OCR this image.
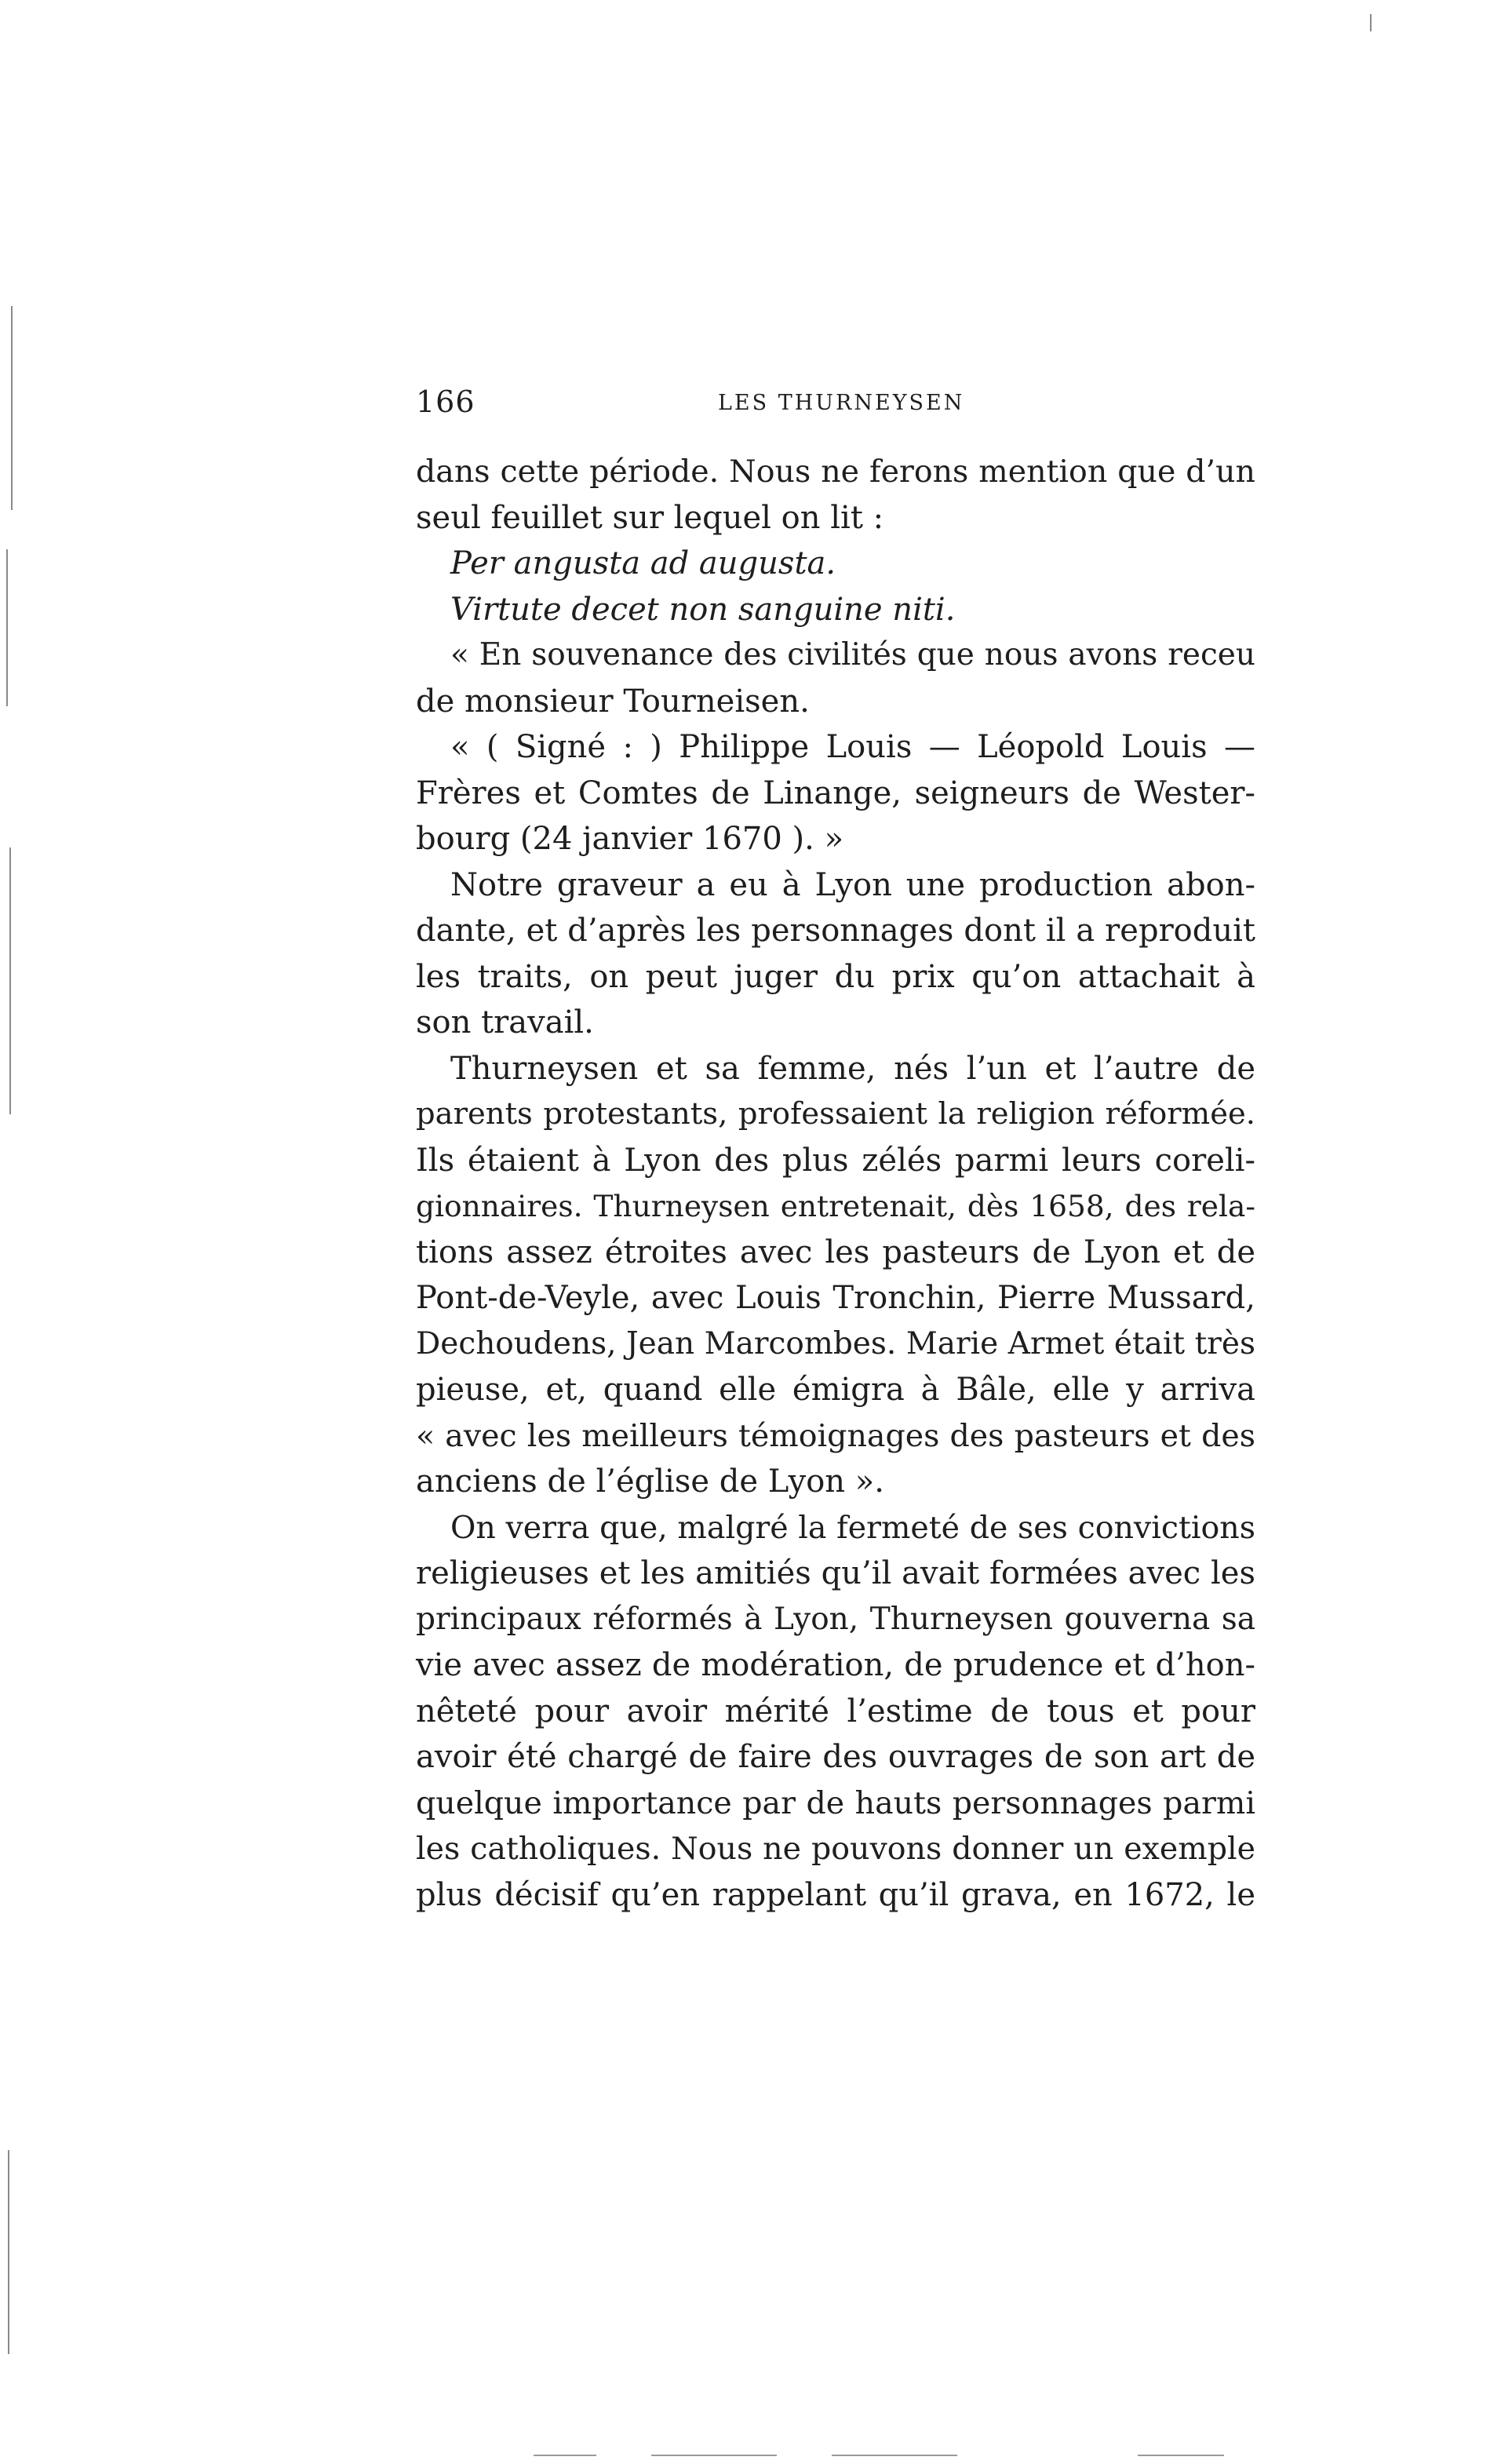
166	LES THURNEYSEN
dans cette période. Nous ne ferons mention que d’un
seul feuillet sur lequel on lit :
Per angusta ad augusta.
Virtute decet non sanguine niti.
« En souvenance des civilités que nous avons receu
de monsieur Tourneisen.
« ( Signé : ) Philippe Louis — Léopold Louis —
Frères et Comtes de Linange, seigneurs de Wester-
bourg (24 janvier 1670 ). »
Notre graveur a eu à Lyon une production abon-
dante, et d’après les personnages dont il a reproduit
les traits, on peut juger du prix qu’on attachait à
son travail.
Thurneysen et sa femme, nés l’un et l’autre de
parents protestants, professaient la religion réformée.
Ils étaient à Lyon des plus zélés parmi leurs coreli-
gionnaires. Thurneysen entretenait, dès 1658, des rela-
tions assez étroites avec les pasteurs de Lyon et de
Pont-de-Veyle, avec Louis Tronchin, Pierre Mussard,
Dechoudens, Jean Marcombes. Marie Armet était très
pieuse, et, quand elle émigra à Bâle, elle y arriva
« avec les meilleurs témoignages des pasteurs et des
anciens de l’église de Lyon ».
On verra que, malgré la fermeté de ses convictions
religieuses et les amitiés qu’il avait formées avec les
principaux réformés à Lyon, Thurneysen gouverna sa
vie avec assez de modération, de prudence et d’hon-
nêteté pour avoir mérité l’estime de tous et pour
avoir été chargé de faire des ouvrages de son art de
quelque importance par de hauts personnages parmi
les catholiques. Nous ne pouvons donner un exemple
plus décisif qu’en rappelant qu’il grava, en 1672, le
